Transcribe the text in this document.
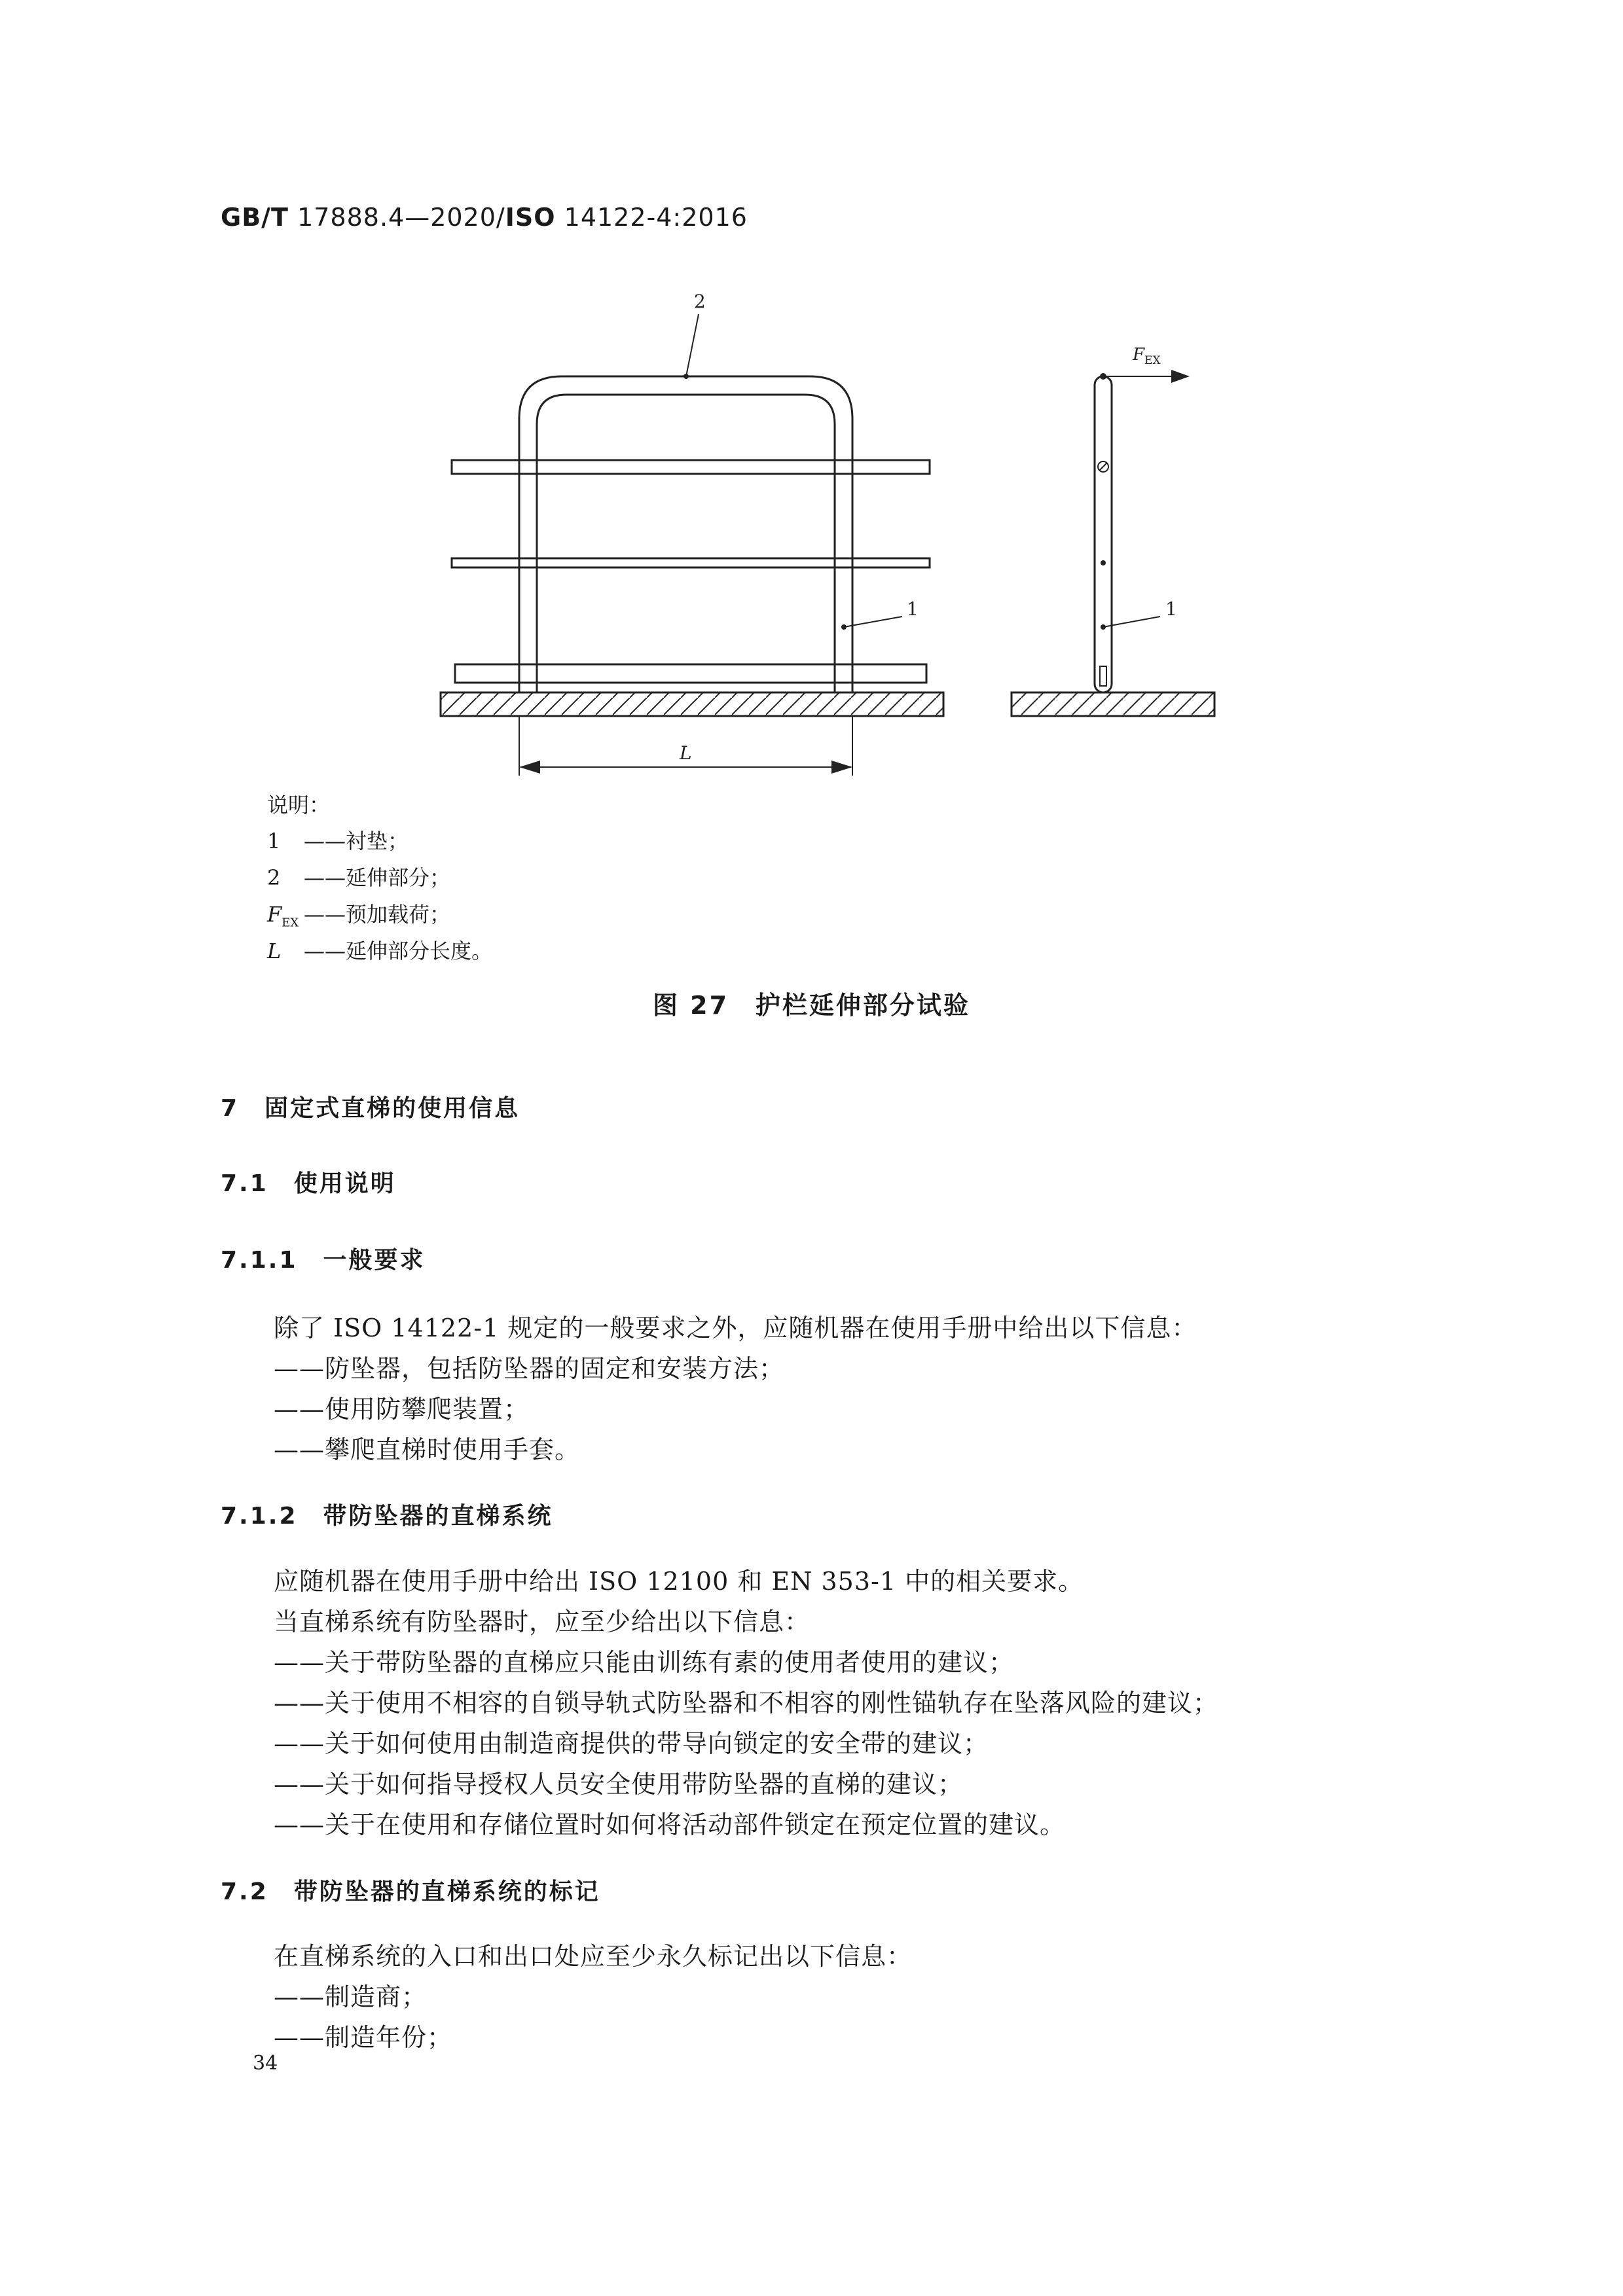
GB/T 17888.4—2020/ISO 14122-4:2016
2
1
L
$F_{EX}$
1
说明：
1 ——衬垫；
2 ——延伸部分；
$F_{EX}$ ——预加载荷；
L ——延伸部分长度。
图 27　护栏延伸部分试验
7　 固定式直梯的使用信息
7.1　 使用说明
7.1.1　 一般要求
除了 ISO 14122-1 规定的一般要求之外，应随机器在使用手册中给出以下信息：
——防坠器，包括防坠器的固定和安装方法；
——使用防攀爬装置；
——攀爬直梯时使用手套。
7.1.2　 带防坠器的直梯系统
应随机器在使用手册中给出 ISO 12100 和 EN 353-1 中的相关要求。
当直梯系统有防坠器时，应至少给出以下信息：
——关于带防坠器的直梯应只能由训练有素的使用者使用的建议；
——关于使用不相容的自锁导轨式防坠器和不相容的刚性锚轨存在坠落风险的建议；
——关于如何使用由制造商提供的带导向锁定的安全带的建议；
——关于如何指导授权人员安全使用带防坠器的直梯的建议；
——关于在使用和存储位置时如何将活动部件锁定在预定位置的建议。
7.2　 带防坠器的直梯系统的标记
在直梯系统的入口和出口处应至少永久标记出以下信息：
——制造商；
——制造年份；
34
